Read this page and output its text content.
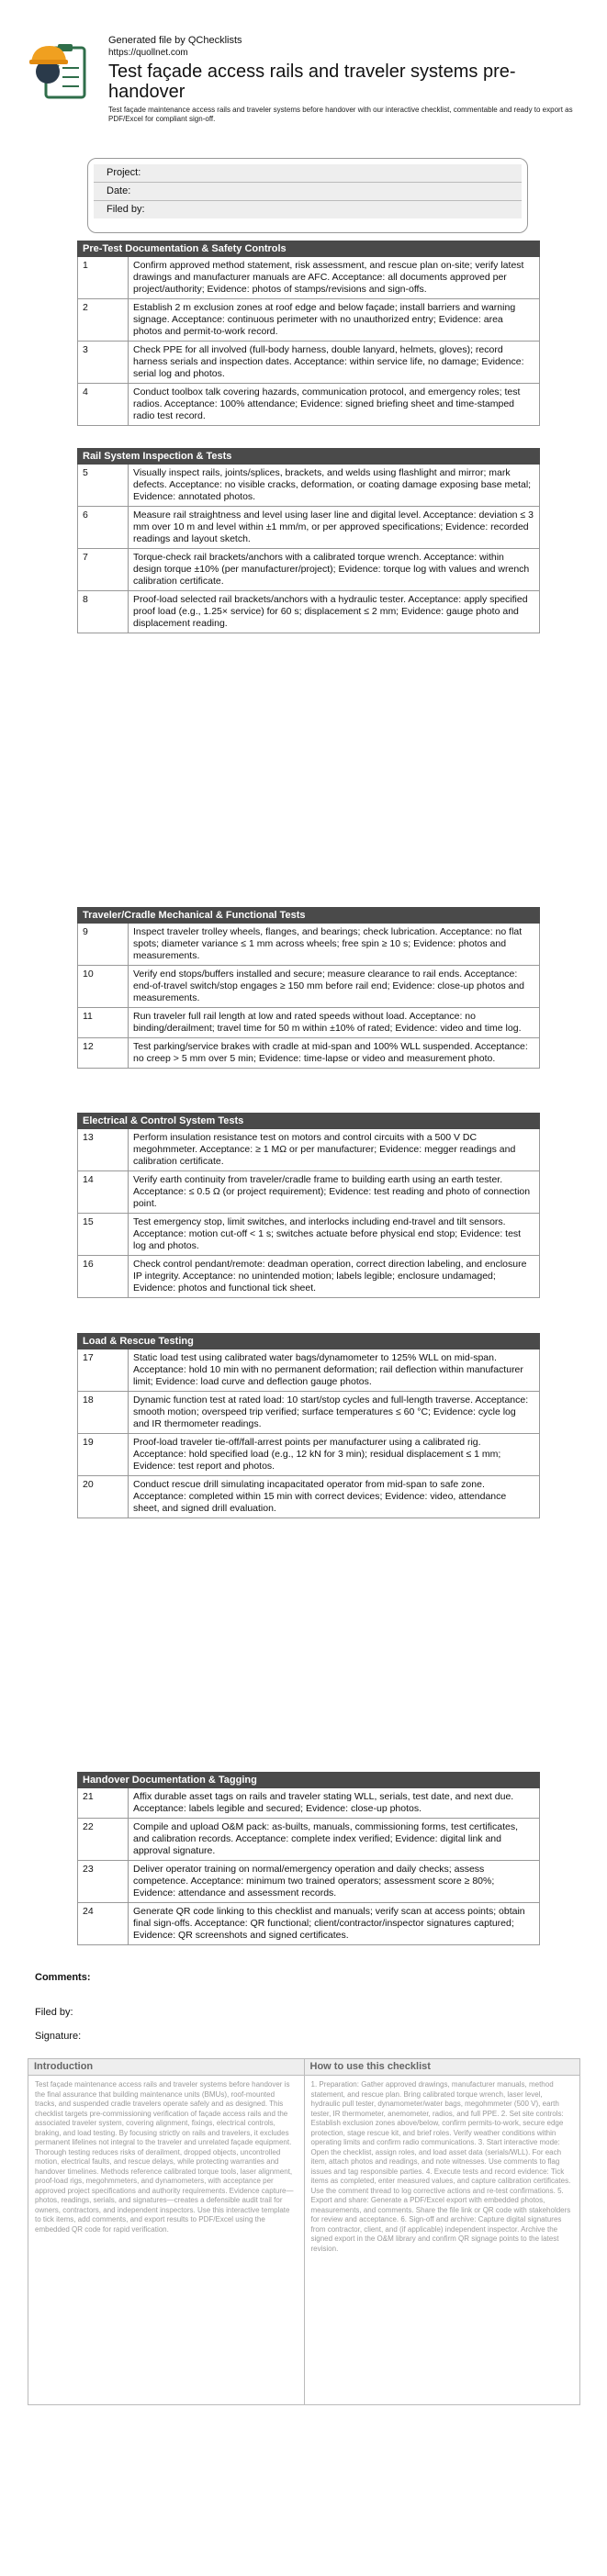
Generated file by QChecklists
https://quollnet.com
Test façade access rails and traveler systems pre-handover
Test façade maintenance access rails and traveler systems before handover with our interactive checklist, commentable and ready to export as PDF/Excel for compliant sign-off.
Project:
Date:
Filed by:
Pre-Test Documentation & Safety Controls
1	Confirm approved method statement, risk assessment, and rescue plan on-site; verify latest drawings and manufacturer manuals are AFC. Acceptance: all documents approved per project/authority; Evidence: photos of stamps/revisions and sign-offs.
2	Establish 2 m exclusion zones at roof edge and below façade; install barriers and warning signage. Acceptance: continuous perimeter with no unauthorized entry; Evidence: area photos and permit-to-work record.
3	Check PPE for all involved (full-body harness, double lanyard, helmets, gloves); record harness serials and inspection dates. Acceptance: within service life, no damage; Evidence: serial log and photos.
4	Conduct toolbox talk covering hazards, communication protocol, and emergency roles; test radios. Acceptance: 100% attendance; Evidence: signed briefing sheet and time-stamped radio test record.
Rail System Inspection & Tests
5	Visually inspect rails, joints/splices, brackets, and welds using flashlight and mirror; mark defects. Acceptance: no visible cracks, deformation, or coating damage exposing base metal; Evidence: annotated photos.
6	Measure rail straightness and level using laser line and digital level. Acceptance: deviation ≤ 3 mm over 10 m and level within ±1 mm/m, or per approved specifications; Evidence: recorded readings and layout sketch.
7	Torque-check rail brackets/anchors with a calibrated torque wrench. Acceptance: within design torque ±10% (per manufacturer/project); Evidence: torque log with values and wrench calibration certificate.
8	Proof-load selected rail brackets/anchors with a hydraulic tester. Acceptance: apply specified proof load (e.g., 1.25× service) for 60 s; displacement ≤ 2 mm; Evidence: gauge photo and displacement reading.
Traveler/Cradle Mechanical & Functional Tests
9	Inspect traveler trolley wheels, flanges, and bearings; check lubrication. Acceptance: no flat spots; diameter variance ≤ 1 mm across wheels; free spin ≥ 10 s; Evidence: photos and measurements.
10	Verify end stops/buffers installed and secure; measure clearance to rail ends. Acceptance: end-of-travel switch/stop engages ≥ 150 mm before rail end; Evidence: close-up photos and measurements.
11	Run traveler full rail length at low and rated speeds without load. Acceptance: no binding/derailment; travel time for 50 m within ±10% of rated; Evidence: video and time log.
12	Test parking/service brakes with cradle at mid-span and 100% WLL suspended. Acceptance: no creep > 5 mm over 5 min; Evidence: time-lapse or video and measurement photo.
Electrical & Control System Tests
13	Perform insulation resistance test on motors and control circuits with a 500 V DC megohmmeter. Acceptance: ≥ 1 MΩ or per manufacturer; Evidence: megger readings and calibration certificate.
14	Verify earth continuity from traveler/cradle frame to building earth using an earth tester. Acceptance: ≤ 0.5 Ω (or project requirement); Evidence: test reading and photo of connection point.
15	Test emergency stop, limit switches, and interlocks including end-travel and tilt sensors. Acceptance: motion cut-off < 1 s; switches actuate before physical end stop; Evidence: test log and photos.
16	Check control pendant/remote: deadman operation, correct direction labeling, and enclosure IP integrity. Acceptance: no unintended motion; labels legible; enclosure undamaged; Evidence: photos and functional tick sheet.
Load & Rescue Testing
17	Static load test using calibrated water bags/dynamometer to 125% WLL on mid-span. Acceptance: hold 10 min with no permanent deformation; rail deflection within manufacturer limit; Evidence: load curve and deflection gauge photos.
18	Dynamic function test at rated load: 10 start/stop cycles and full-length traverse. Acceptance: smooth motion; overspeed trip verified; surface temperatures ≤ 60 °C; Evidence: cycle log and IR thermometer readings.
19	Proof-load traveler tie-off/fall-arrest points per manufacturer using a calibrated rig. Acceptance: hold specified load (e.g., 12 kN for 3 min); residual displacement ≤ 1 mm; Evidence: test report and photos.
20	Conduct rescue drill simulating incapacitated operator from mid-span to safe zone. Acceptance: completed within 15 min with correct devices; Evidence: video, attendance sheet, and signed drill evaluation.
Handover Documentation & Tagging
21	Affix durable asset tags on rails and traveler stating WLL, serials, test date, and next due. Acceptance: labels legible and secured; Evidence: close-up photos.
22	Compile and upload O&M pack: as-builts, manuals, commissioning forms, test certificates, and calibration records. Acceptance: complete index verified; Evidence: digital link and approval signature.
23	Deliver operator training on normal/emergency operation and daily checks; assess competence. Acceptance: minimum two trained operators; assessment score ≥ 80%; Evidence: attendance and assessment records.
24	Generate QR code linking to this checklist and manuals; verify scan at access points; obtain final sign-offs. Acceptance: QR functional; client/contractor/inspector signatures captured; Evidence: QR screenshots and signed certificates.
Comments:
Filed by:
Signature:
Introduction
Test façade maintenance access rails and traveler systems before handover is the final assurance that building maintenance units (BMUs), roof-mounted tracks, and suspended cradle travelers operate safely and as designed. This checklist targets pre-commissioning verification of façade access rails and the associated traveler system, covering alignment, fixings, electrical controls, braking, and load testing. By focusing strictly on rails and travelers, it excludes permanent lifelines not integral to the traveler and unrelated façade equipment. Thorough testing reduces risks of derailment, dropped objects, uncontrolled motion, electrical faults, and rescue delays, while protecting warranties and handover timelines. Methods reference calibrated torque tools, laser alignment, proof-load rigs, megohmmeters, and dynamometers, with acceptance per approved project specifications and authority requirements. Evidence capture—photos, readings, serials, and signatures—creates a defensible audit trail for owners, contractors, and independent inspectors. Use this interactive template to tick items, add comments, and export results to PDF/Excel using the embedded QR code for rapid verification.
How to use this checklist
1. Preparation: Gather approved drawings, manufacturer manuals, method statement, and rescue plan. Bring calibrated torque wrench, laser level, hydraulic pull tester, dynamometer/water bags, megohmmeter (500 V), earth tester, IR thermometer, anemometer, radios, and full PPE. 2. Set site controls: Establish exclusion zones above/below, confirm permits-to-work, secure edge protection, stage rescue kit, and brief roles. Verify weather conditions within operating limits and confirm radio communications. 3. Start interactive mode: Open the checklist, assign roles, and load asset data (serials/WLL). For each item, attach photos and readings, and note witnesses. Use comments to flag issues and tag responsible parties. 4. Execute tests and record evidence: Tick items as completed, enter measured values, and capture calibration certificates. Use the comment thread to log corrective actions and re-test confirmations. 5. Export and share: Generate a PDF/Excel export with embedded photos, measurements, and comments. Share the file link or QR code with stakeholders for review and acceptance. 6. Sign-off and archive: Capture digital signatures from contractor, client, and (if applicable) independent inspector. Archive the signed export in the O&M library and confirm QR signage points to the latest revision.
